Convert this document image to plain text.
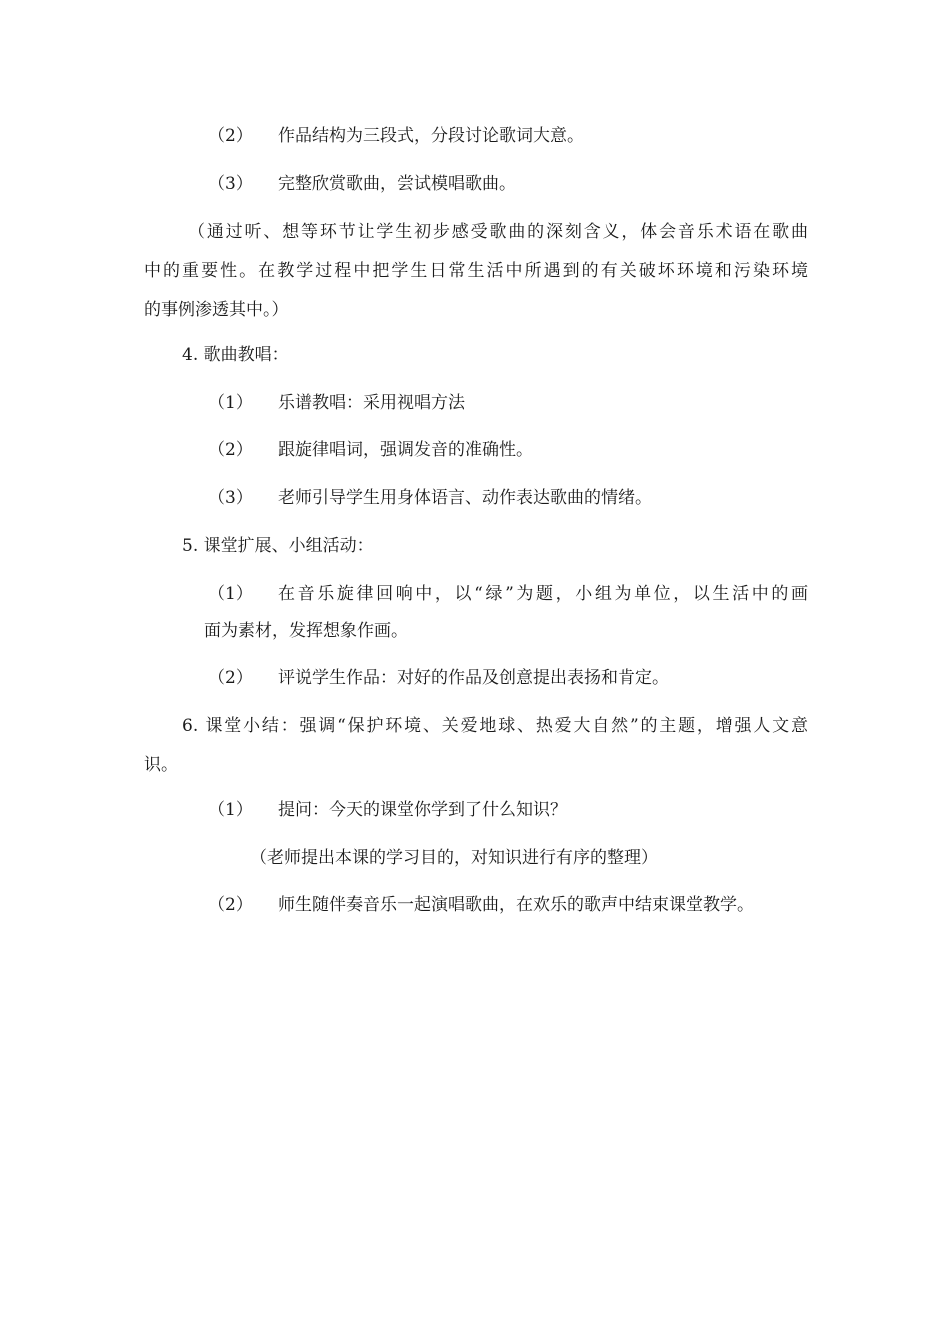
（2） 作品结构为三段式，分段讨论歌词大意。
（3） 完整欣赏歌曲，尝试模唱歌曲。
（通过听、想等环节让学生初步感受歌曲的深刻含义，体会音乐术语在歌曲
中的重要性。在教学过程中把学生日常生活中所遇到的有关破坏环境和污染环境
的事例渗透其中。）
4. 歌曲教唱：
（1） 乐谱教唱：采用视唱方法
（2） 跟旋律唱词，强调发音的准确性。
（3） 老师引导学生用身体语言、动作表达歌曲的情绪。
5. 课堂扩展、小组活动：
（1） 在音乐旋律回响中，以“绿”为题，小组为单位，以生活中的画
面为素材，发挥想象作画。
（2） 评说学生作品：对好的作品及创意提出表扬和肯定。
6. 课堂小结：强调“保护环境、关爱地球、热爱大自然”的主题，增强人文意
识。
（1） 提问：今天的课堂你学到了什么知识？
（老师提出本课的学习目的，对知识进行有序的整理）
（2） 师生随伴奏音乐一起演唱歌曲，在欢乐的歌声中结束课堂教学。
